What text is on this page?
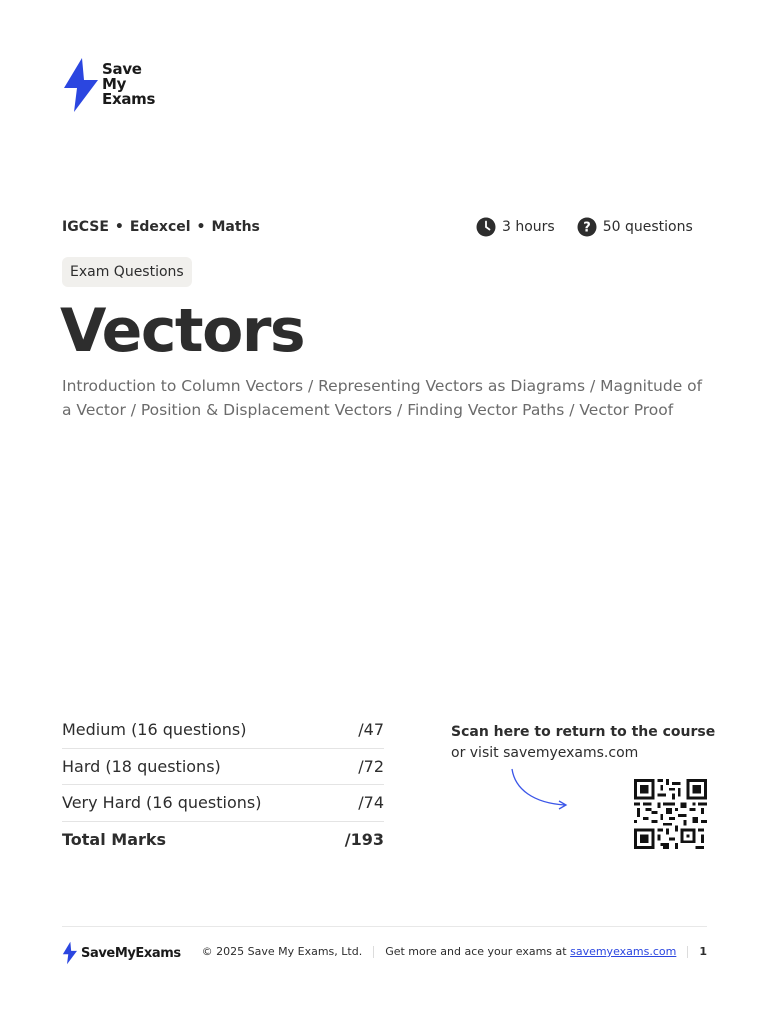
Save
My
Exams
IGCSE • Edexcel • Maths	3 hours ? 50 questions
Exam Questions
Vectors

Introduction to Column Vectors / Representing Vectors as Diagrams / Magnitude of a Vector / Position & Displacement Vectors / Finding Vector Paths / Vector Proof

Medium (16 questions)	/47
Hard (18 questions)	/72
Very Hard (16 questions)	/74
Total Marks	/193
Scan here to return to the course
or visit savemyexams.com
SaveMyExams © 2025 Save My Exams, Ltd. Get more and ace your exams at savemyexams.com 1
